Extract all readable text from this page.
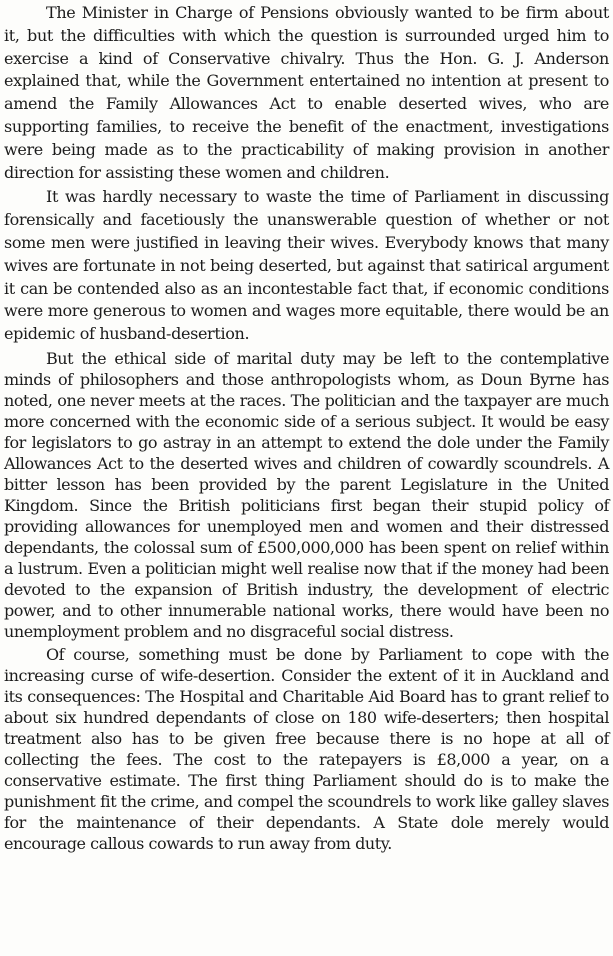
The Minister in Charge of Pensions obviously wanted to be firm about it, but the difficulties with which the question is surrounded urged him to exercise a kind of Conservative chivalry. Thus the Hon. G. J. Anderson explained that, while the Government entertained no intention at present to amend the Family Allowances Act to enable deserted wives, who are supporting families, to receive the benefit of the enactment, investigations were being made as to the practicability of making provision in another direction for assisting these women and children.

It was hardly necessary to waste the time of Parliament in discussing forensically and facetiously the unanswerable question of whether or not some men were justified in leaving their wives. Everybody knows that many wives are fortunate in not being deserted, but against that satirical argument it can be contended also as an incontestable fact that, if economic conditions were more generous to women and wages more equitable, there would be an epidemic of husband-desertion.

But the ethical side of marital duty may be left to the contemplative minds of philosophers and those anthropologists whom, as Doun Byrne has noted, one never meets at the races. The politician and the taxpayer are much more concerned with the economic side of a serious subject. It would be easy for legislators to go astray in an attempt to extend the dole under the Family Allowances Act to the deserted wives and children of cowardly scoundrels. A bitter lesson has been provided by the parent Legislature in the United Kingdom. Since the British politicians first began their stupid policy of providing allowances for unemployed men and women and their distressed dependants, the colossal sum of £500,000,000 has been spent on relief within a lustrum. Even a politician might well realise now that if the money had been devoted to the expansion of British industry, the development of electric power, and to other innumerable national works, there would have been no unemployment problem and no disgraceful social distress.

Of course, something must be done by Parliament to cope with the increasing curse of wife-desertion. Consider the extent of it in Auckland and its consequences: The Hospital and Charitable Aid Board has to grant relief to about six hundred dependants of close on 180 wife-deserters; then hospital treatment also has to be given free because there is no hope at all of collecting the fees. The cost to the ratepayers is £8,000 a year, on a conservative estimate. The first thing Parliament should do is to make the punishment fit the crime, and compel the scoundrels to work like galley slaves for the maintenance of their dependants. A State dole merely would encourage callous cowards to run away from duty.
